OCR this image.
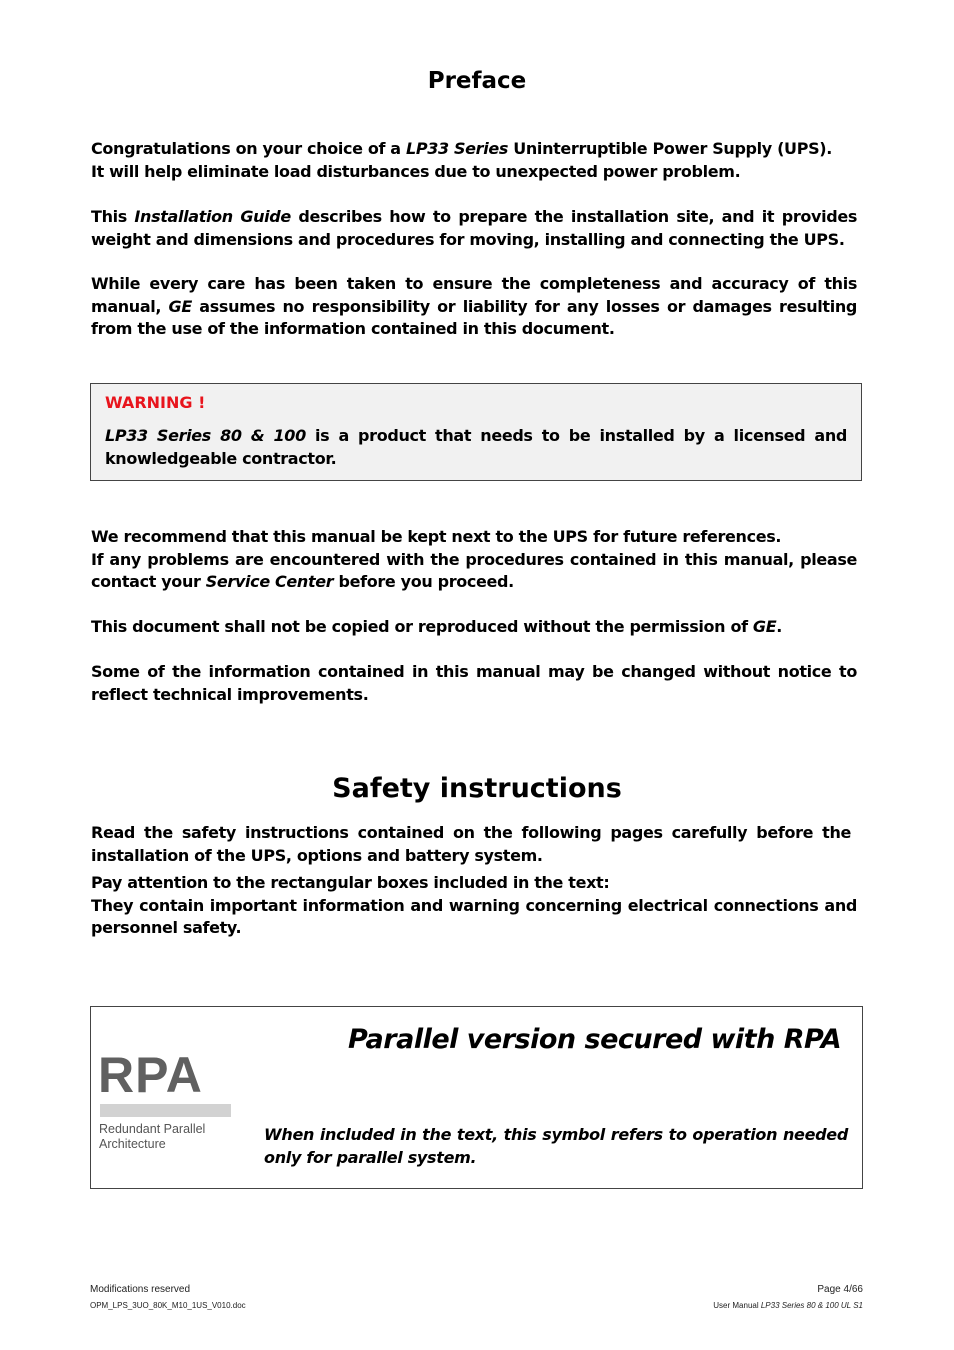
Preface

Congratulations on your choice of a LP33 Series Uninterruptible Power Supply (UPS).

It will help eliminate load disturbances due to unexpected power problem.

This Installation Guide describes how to prepare the installation site, and it provides weight and dimensions and procedures for moving, installing and connecting the UPS.

While every care has been taken to ensure the completeness and accuracy of this manual, GE assumes no responsibility or liability for any losses or damages resulting from the use of the information contained in this document.

WARNING !

LP33 Series 80 & 100 is a product that needs to be installed by a licensed and knowledgeable contractor.

We recommend that this manual be kept next to the UPS for future references.

If any problems are encountered with the procedures contained in this manual, please contact your Service Center before you proceed.

This document shall not be copied or reproduced without the permission of GE.

Some of the information contained in this manual may be changed without notice to reflect technical improvements.

Safety instructions

Read the safety instructions contained on the following pages carefully before the installation of the UPS, options and battery system.

Pay attention to the rectangular boxes included in the text:

They contain important information and warning concerning electrical connections and personnel safety.

RPA
Redundant Parallel
Architecture
Parallel version secured with RPA
When included in the text, this symbol refers to operation needed only for parallel system.
Modifications reserved
OPM_LPS_3UO_80K_M10_1US_V010.doc
Page 4/66
User Manual LP33 Series 80 & 100 UL S1
